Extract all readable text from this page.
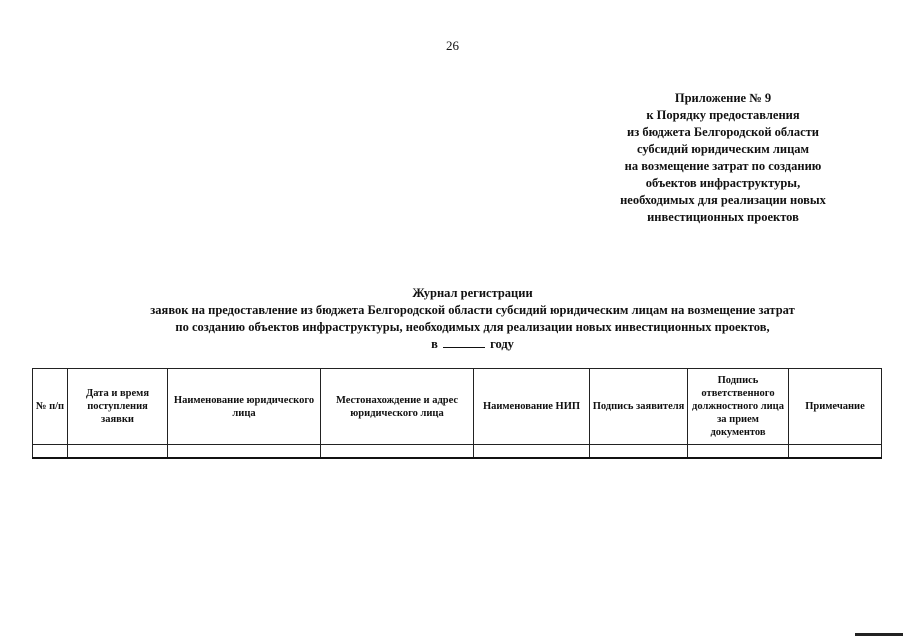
26
Приложение № 9
к Порядку предоставления
из бюджета Белгородской области
субсидий юридическим лицам
на возмещение затрат по созданию
объектов инфраструктуры,
необходимых для реализации новых
инвестиционных проектов
Журнал регистрации
заявок на предоставление из бюджета Белгородской области субсидий юридическим лицам на возмещение затрат
по созданию объектов инфраструктуры, необходимых для реализации новых инвестиционных проектов,
в	году
№ п/п	Дата и время поступления заявки	Наименование юридического лица	Местонахождение и адрес юридического лица	Наименование НИП	Подпись заявителя	Подпись ответственного должностного лица за прием документов	Примечание
